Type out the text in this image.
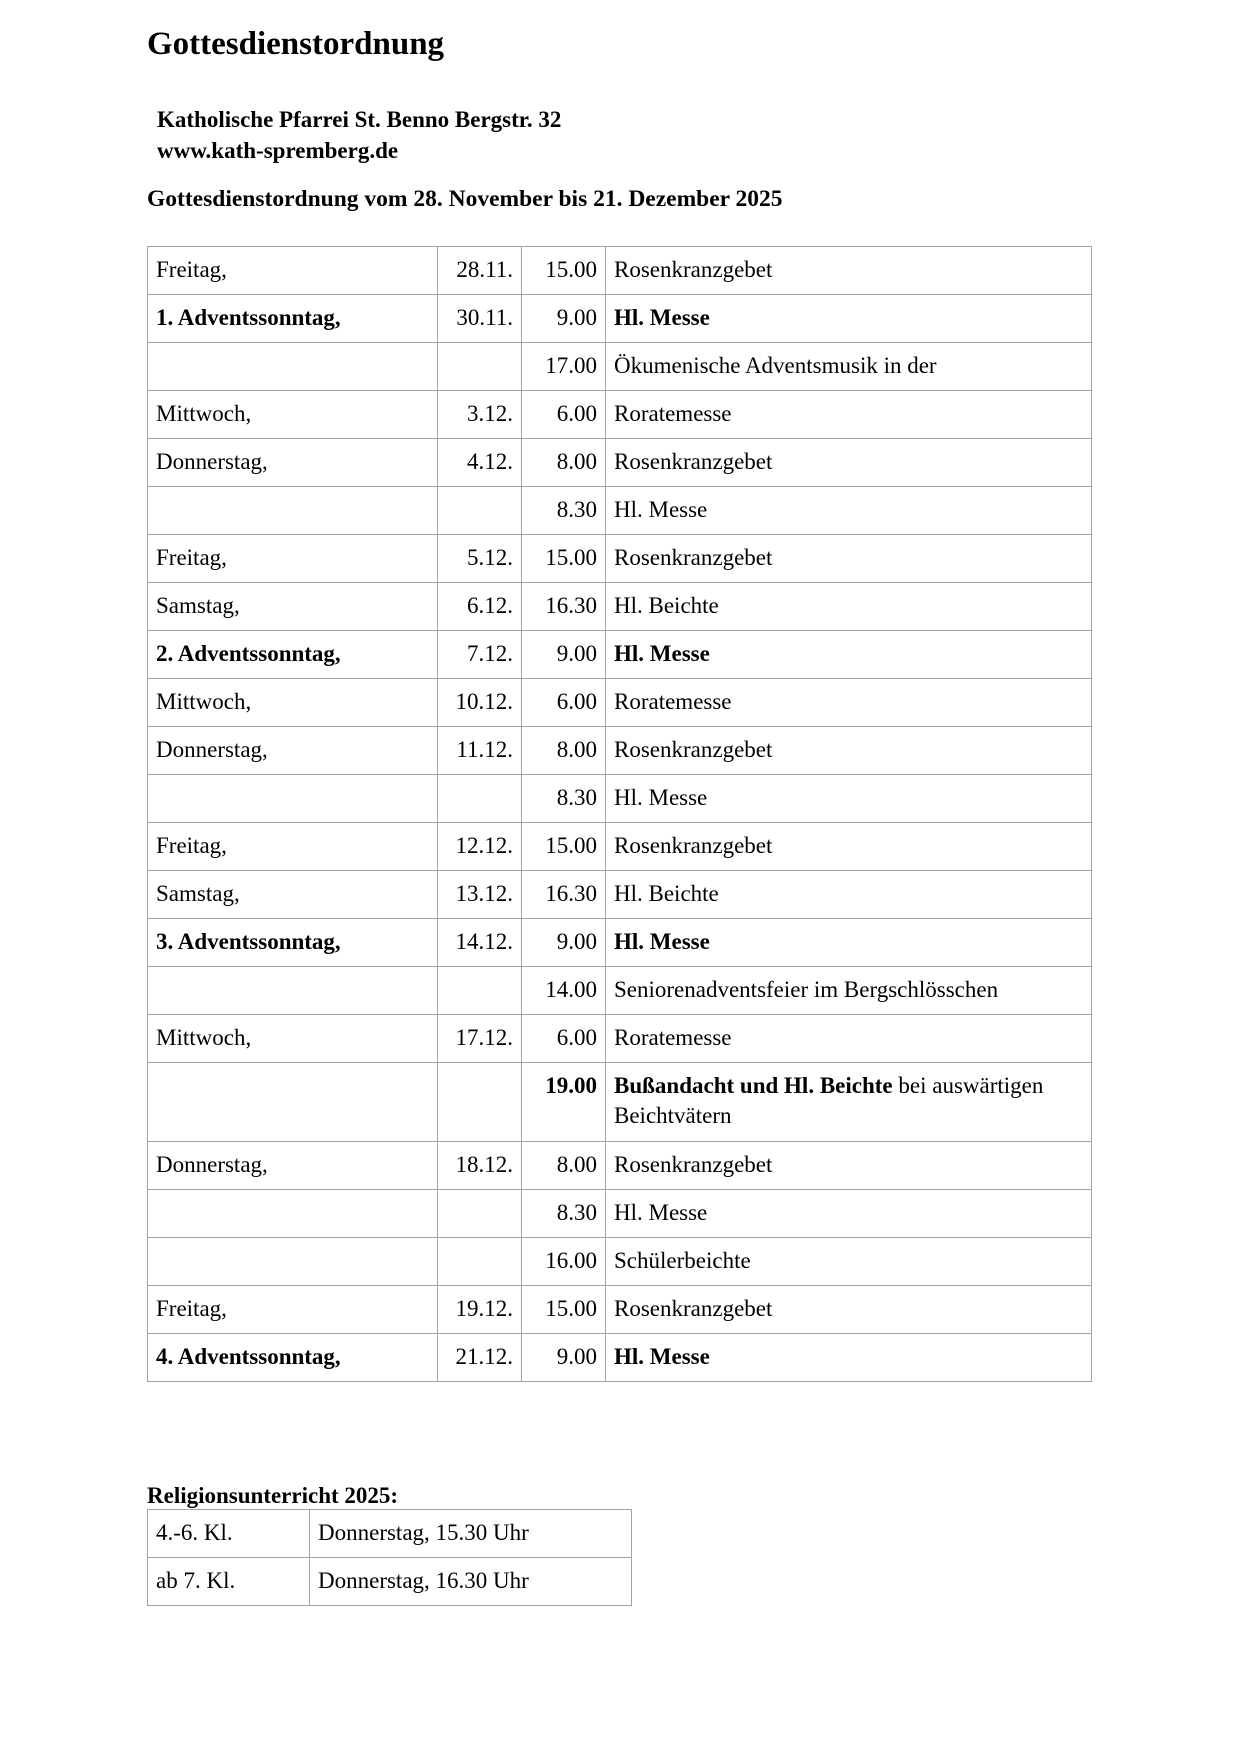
Gottesdienstordnung
Katholische Pfarrei St. Benno Bergstr. 32
www.kath-spremberg.de
Gottesdienstordnung vom 28. November bis 21. Dezember 2025
Freitag,	28.11.	15.00	Rosenkranzgebet
1. Adventssonntag,	30.11.	9.00	Hl. Messe
		17.00	Ökumenische Adventsmusik in der
Mittwoch,	3.12.	6.00	Roratemesse
Donnerstag,	4.12.	8.00	Rosenkranzgebet
		8.30	Hl. Messe
Freitag,	5.12.	15.00	Rosenkranzgebet
Samstag,	6.12.	16.30	Hl. Beichte
2. Adventssonntag,	7.12.	9.00	Hl. Messe
Mittwoch,	10.12.	6.00	Roratemesse
Donnerstag,	11.12.	8.00	Rosenkranzgebet
		8.30	Hl. Messe
Freitag,	12.12.	15.00	Rosenkranzgebet
Samstag,	13.12.	16.30	Hl. Beichte
3. Adventssonntag,	14.12.	9.00	Hl. Messe
		14.00	Seniorenadventsfeier im Bergschlösschen
Mittwoch,	17.12.	6.00	Roratemesse
		19.00	Bußandacht und Hl. Beichte bei auswärtigen Beichtvätern
Donnerstag,	18.12.	8.00	Rosenkranzgebet
		8.30	Hl. Messe
		16.00	Schülerbeichte
Freitag,	19.12.	15.00	Rosenkranzgebet
4. Adventssonntag,	21.12.	9.00	Hl. Messe
Religionsunterricht 2025:
4.-6. Kl.	Donnerstag, 15.30 Uhr
ab 7. Kl.	Donnerstag, 16.30 Uhr
